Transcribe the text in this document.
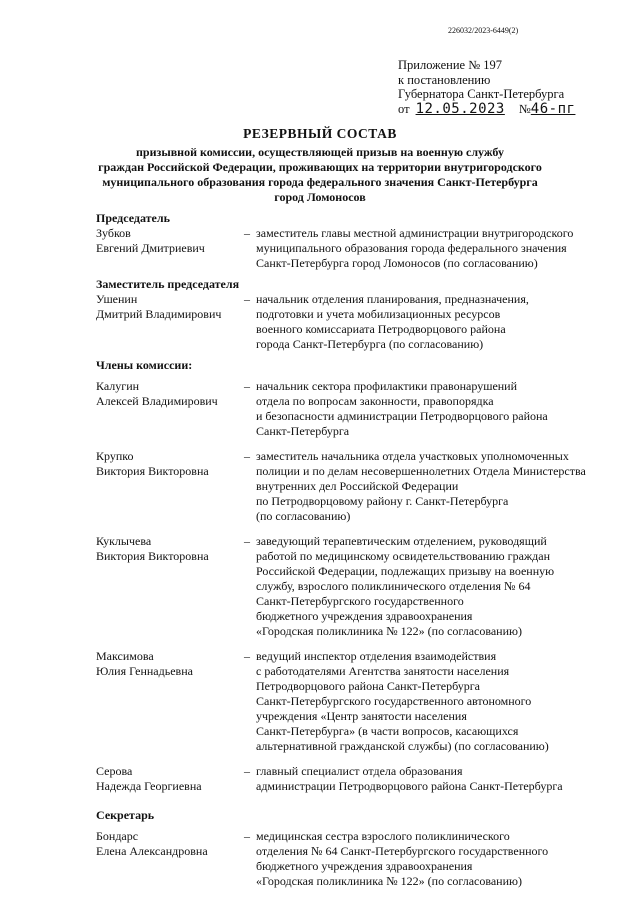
226032/2023-6449(2)
Приложение № 197
к постановлению
Губернатора Санкт-Петербурга
от 12.05.2023 № 46-пг
РЕЗЕРВНЫЙ СОСТАВ
призывной комиссии, осуществляющей призыв на военную службу
граждан Российской Федерации, проживающих на территории внутригородского
муниципального образования города федерального значения Санкт-Петербурга
город Ломоносов
Председатель
Зубков
Евгений Дмитриевич
– заместитель главы местной администрации внутригородского
муниципального образования города федерального значения
Санкт-Петербурга город Ломоносов (по согласованию)
Заместитель председателя
Ушенин
Дмитрий Владимирович
– начальник отделения планирования, предназначения,
подготовки и учета мобилизационных ресурсов
военного комиссариата Петродворцового района
города Санкт-Петербурга (по согласованию)
Члены комиссии:
Калугин
Алексей Владимирович
– начальник сектора профилактики правонарушений
отдела по вопросам законности, правопорядка
и безопасности администрации Петродворцового района
Санкт-Петербурга
Крупко
Виктория Викторовна
– заместитель начальника отдела участковых уполномоченных
полиции и по делам несовершеннолетних Отдела Министерства
внутренних дел Российской Федерации
по Петродворцовому району г. Санкт-Петербурга
(по согласованию)
Куклычева
Виктория Викторовна
– заведующий терапевтическим отделением, руководящий
работой по медицинскому освидетельствованию граждан
Российской Федерации, подлежащих призыву на военную
службу, взрослого поликлинического отделения № 64
Санкт-Петербургского государственного
бюджетного учреждения здравоохранения
«Городская поликлиника № 122» (по согласованию)
Максимова
Юлия Геннадьевна
– ведущий инспектор отделения взаимодействия
с работодателями Агентства занятости населения
Петродворцового района Санкт-Петербурга
Санкт-Петербургского государственного автономного
учреждения «Центр занятости населения
Санкт-Петербурга» (в части вопросов, касающихся
альтернативной гражданской службы) (по согласованию)
Серова
Надежда Георгиевна
– главный специалист отдела образования
администрации Петродворцового района Санкт-Петербурга
Секретарь
Бондарс
Елена Александровна
– медицинская сестра взрослого поликлинического
отделения № 64 Санкт-Петербургского государственного
бюджетного учреждения здравоохранения
«Городская поликлиника № 122» (по согласованию)
